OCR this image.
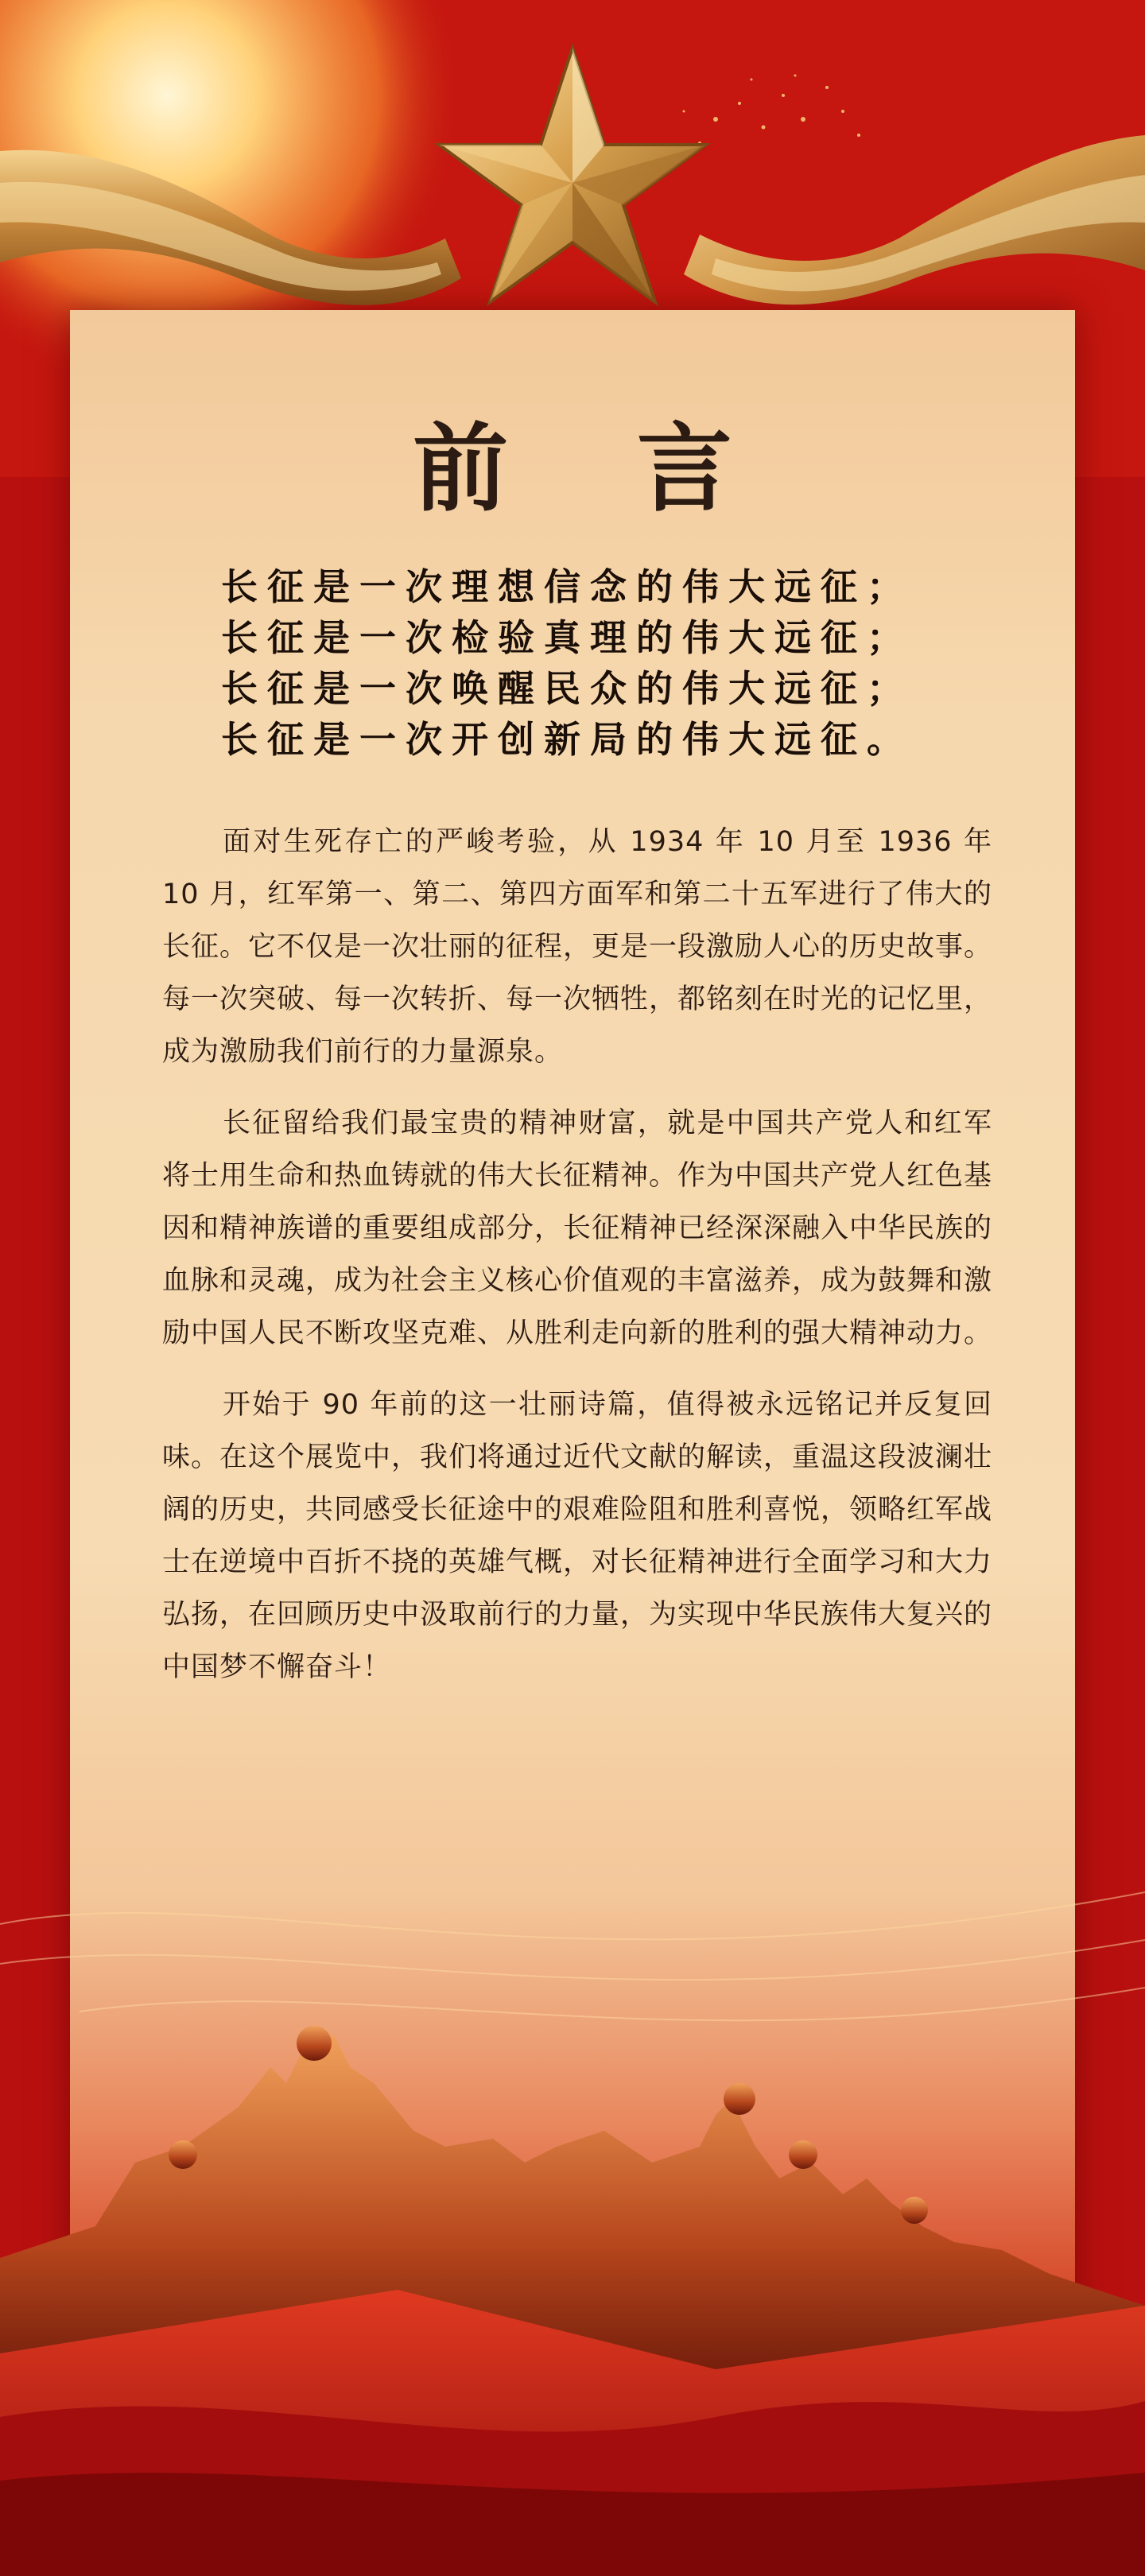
前 言
长征是一次理想信念的伟大远征；
长征是一次检验真理的伟大远征；
长征是一次唤醒民众的伟大远征；
长征是一次开创新局的伟大远征。

面对生死存亡的严峻考验，从 1934 年 10 月至 1936 年 10 月，红军第一、第二、第四方面军和第二十五军进行了伟大的长征。它不仅是一次壮丽的征程，更是一段激励人心的历史故事。每一次突破、每一次转折、每一次牺牲，都铭刻在时光的记忆里，成为激励我们前行的力量源泉。

长征留给我们最宝贵的精神财富，就是中国共产党人和红军将士用生命和热血铸就的伟大长征精神。作为中国共产党人红色基因和精神族谱的重要组成部分，长征精神已经深深融入中华民族的血脉和灵魂，成为社会主义核心价值观的丰富滋养，成为鼓舞和激励中国人民不断攻坚克难、从胜利走向新的胜利的强大精神动力。

开始于 90 年前的这一壮丽诗篇，值得被永远铭记并反复回味。在这个展览中，我们将通过近代文献的解读，重温这段波澜壮阔的历史，共同感受长征途中的艰难险阻和胜利喜悦，领略红军战士在逆境中百折不挠的英雄气概，对长征精神进行全面学习和大力弘扬，在回顾历史中汲取前行的力量，为实现中华民族伟大复兴的中国梦不懈奋斗！
